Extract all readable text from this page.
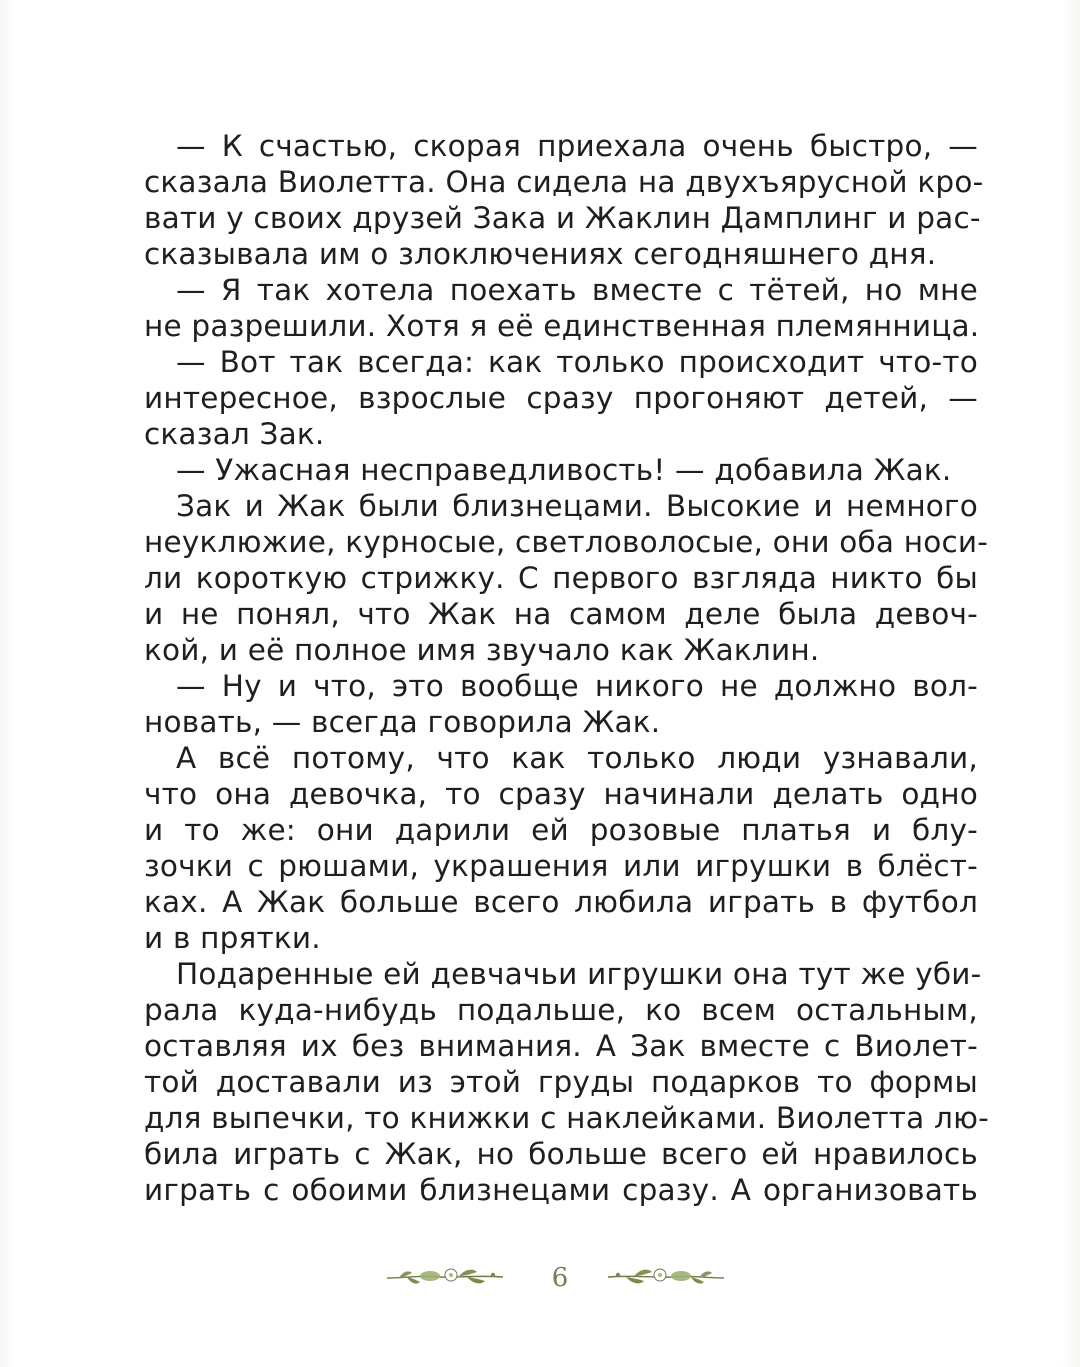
— К счастью, скорая приехала очень быстро, —
сказала Виолетта. Она сидела на двухъярусной кро-
вати у своих друзей Зака и Жаклин Дамплинг и рас-
сказывала им о злоключениях сегодняшнего дня.
— Я так хотела поехать вместе с тётей, но мне
не разрешили. Хотя я её единственная племянница.
— Вот так всегда: как только происходит что-то
интересное, взрослые сразу прогоняют детей, —
сказал Зак.
— Ужасная несправедливость! — добавила Жак.
Зак и Жак были близнецами. Высокие и немного
неуклюжие, курносые, светловолосые, они оба носи-
ли короткую стрижку. С первого взгляда никто бы
и не понял, что Жак на самом деле была девоч-
кой, и её полное имя звучало как Жаклин.
— Ну и что, это вообще никого не должно вол-
новать, — всегда говорила Жак.
А всё потому, что как только люди узнавали,
что она девочка, то сразу начинали делать одно
и то же: они дарили ей розовые платья и блу-
зочки с рюшами, украшения или игрушки в блёст-
ках. А Жак больше всего любила играть в футбол
и в прятки.
Подаренные ей девчачьи игрушки она тут же уби-
рала куда-нибудь подальше, ко всем остальным,
оставляя их без внимания. А Зак вместе с Виолет-
той доставали из этой груды подарков то формы
для выпечки, то книжки с наклейками. Виолетта лю-
била играть с Жак, но больше всего ей нравилось
играть с обоими близнецами сразу. А организовать
6
